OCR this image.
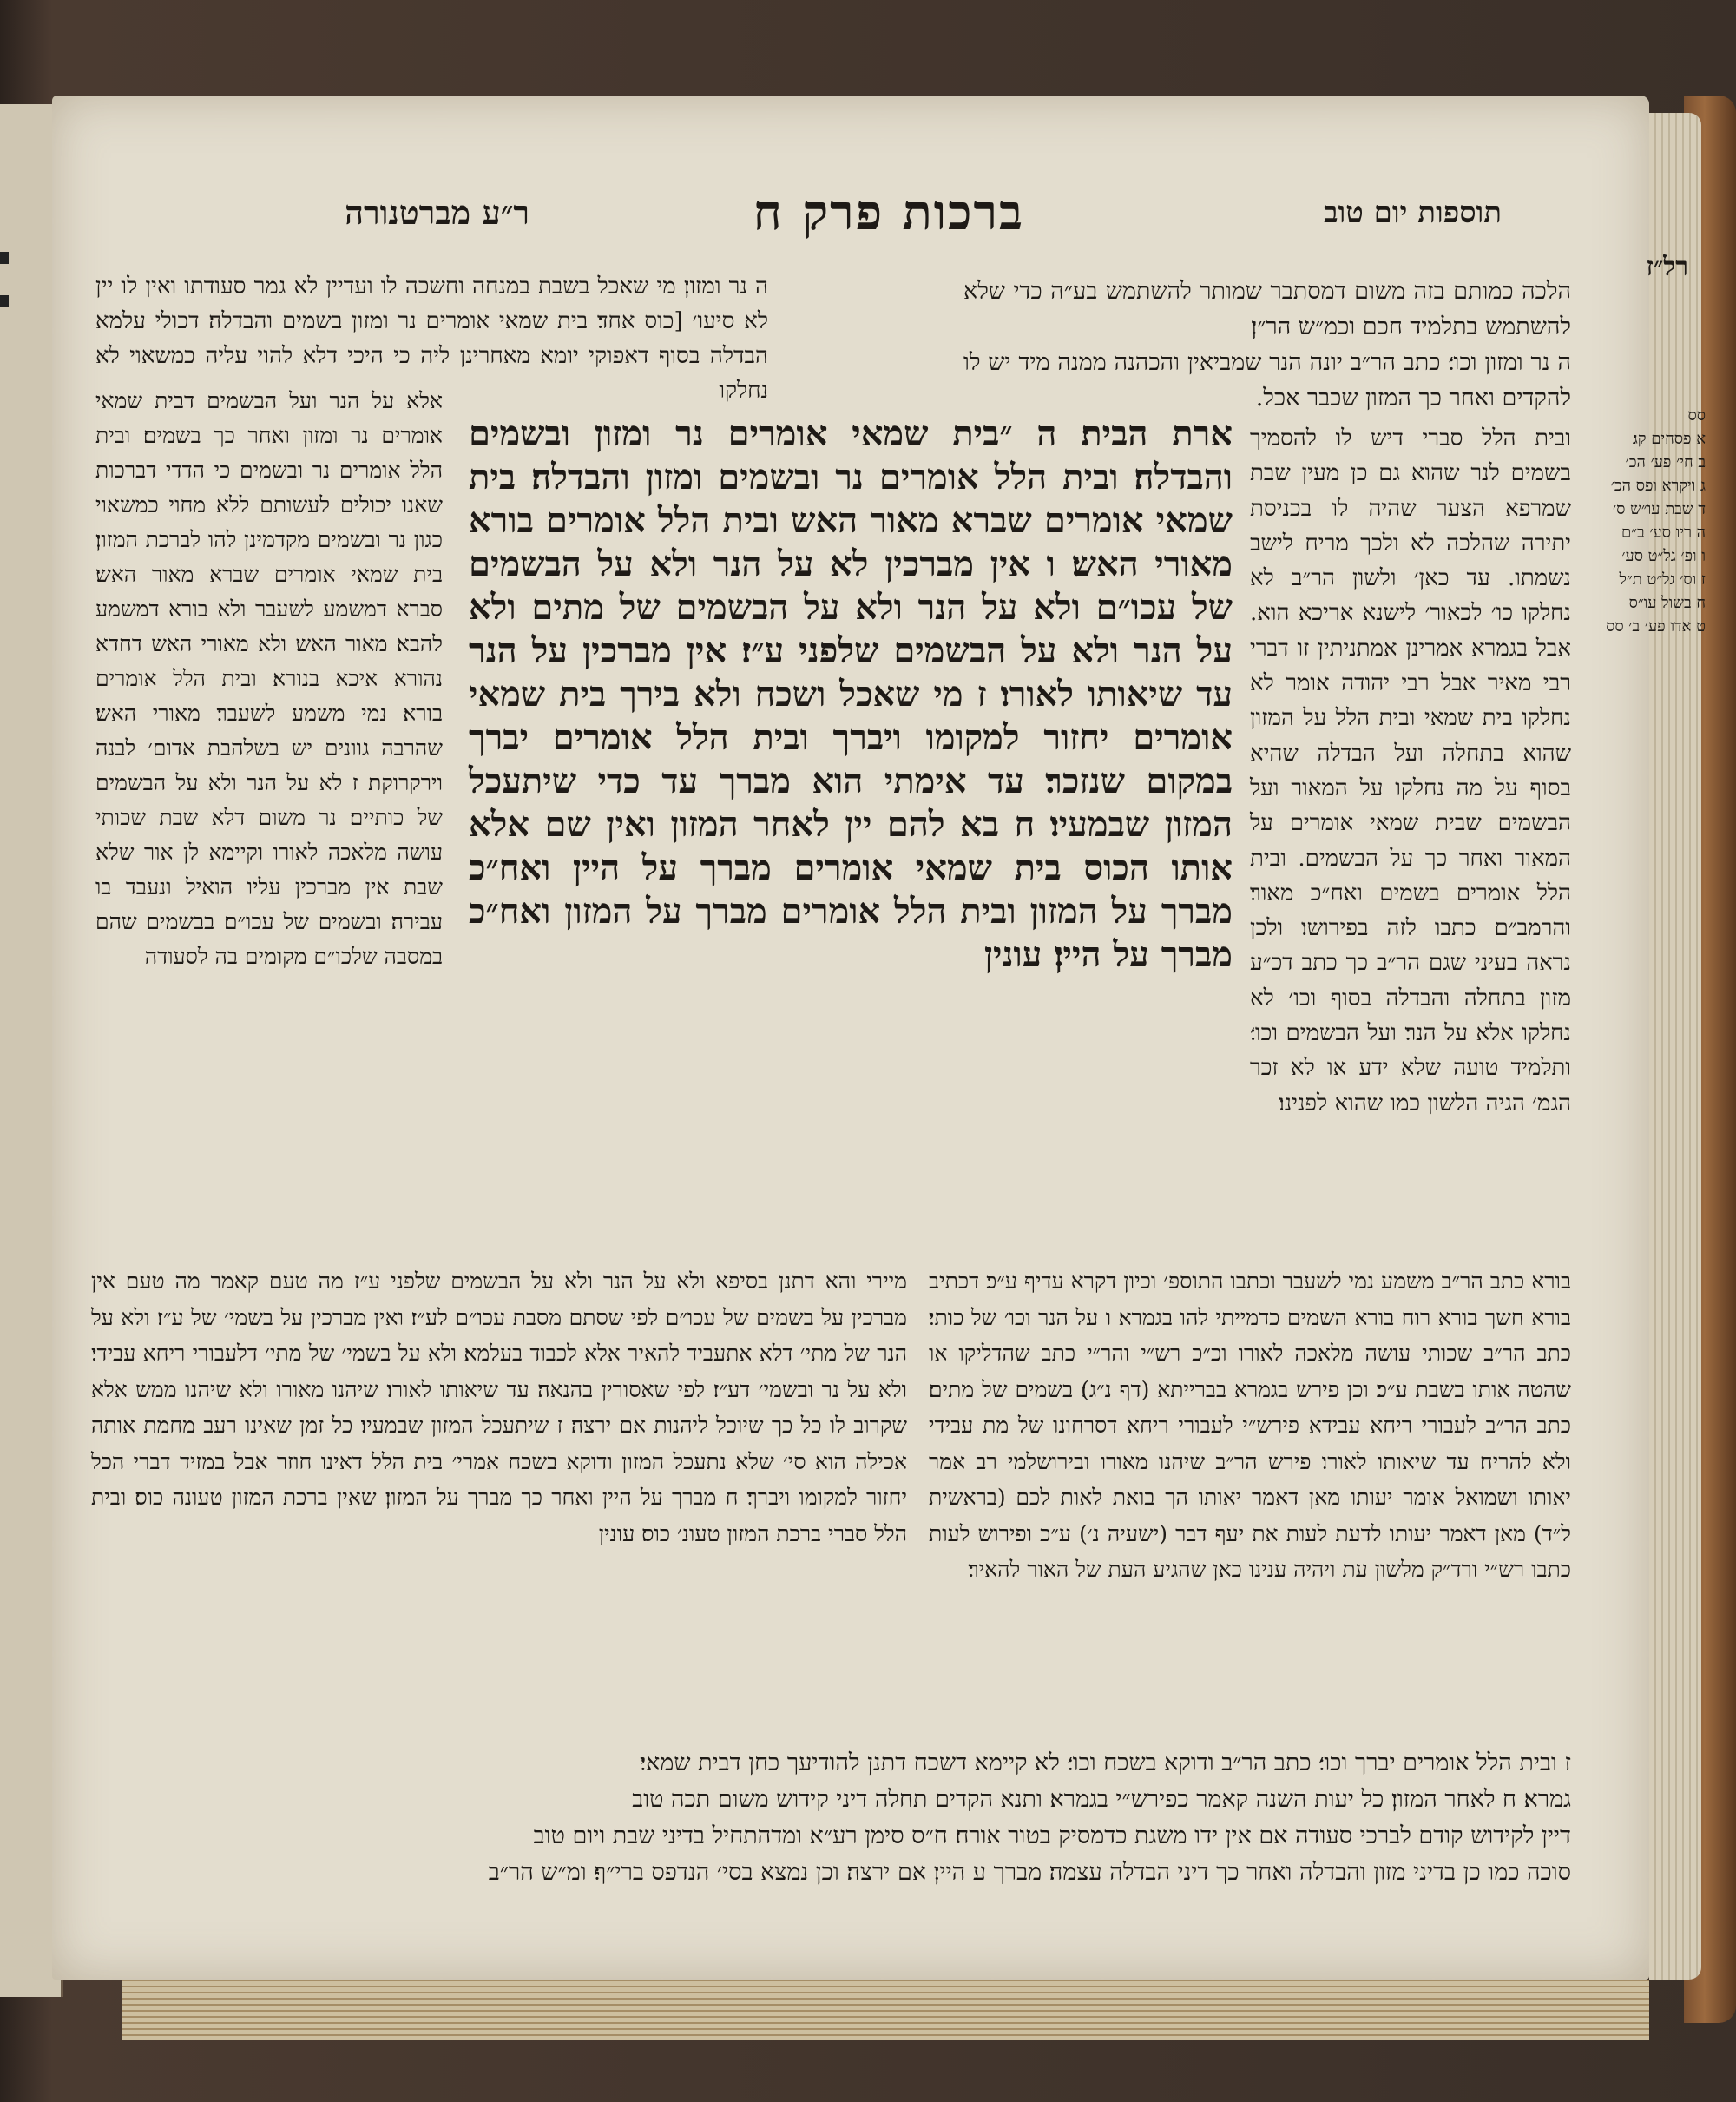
תוספות יום טוב
ברכות פרק ח
ר״ע מברטנורה
רל״ז
סס
א פסחים קג׃
ב חי׳ פע׳ הכ׳
ג ויקרא ופס הכ׳
ד שבת עו״ש ס׳
ה ריו סע׳ ב״ם
ו ופ׳ גל״ט סע׳
ז וס׳ גל״ט ת״ל
ח בשול עו״ס
ט אדו פע׳ ב׳ סס

הלכה כמותם בזה משום דמסתבר שמותר להשתמש בע״ה כדי שלא להשתמש בתלמיד חכם וכמ״ש הר״ן׃

ה נר ומזון וכו׳׃ כתב הר״ב יונה הנר שמביאין והכהנה ממנה מיד יש לו להקדים ואחר כך המזון שכבר אכל.

ובית הלל סברי דיש לו להסמיך בשמים לנר שהוא גם כן מעין שבת שמרפא הצער שהיה לו בכניסת יתירה שהלכה לא ולכך מריח לישב נשמתו. עד כאן׳ ולשון הר״ב לא נחלקו כו׳ לכאור׳ לישנא אריכא הוא. אבל בגמרא אמרינן אמתניתין זו דברי רבי מאיר אבל רבי יהודה אומר לא נחלקו בית שמאי ובית הלל על המזון שהוא בתחלה ועל הבדלה שהיא בסוף על מה נחלקו על המאור ועל הבשמים שבית שמאי אומרים על המאור ואחר כך על הבשמים. ובית הלל אומרים בשמים ואח״כ מאור׃ והרמב״ם כתבו לזה בפירושו׃ ולכן נראה בעיני שגם הר״ב כך כתב דכ״ע מזון בתחלה והבדלה בסוף וכו׳ לא נחלקו אלא על הנר׃ ועל הבשמים וכו׳׃ ותלמיד טועה שלא ידע או לא זכר הגמ׳ הגיה הלשון כמו שהוא לפנינו׃

ה נר ומזון׃ מי שאכל בשבת במנחה וחשכה לו ועדיין לא גמר סעודתו ואין לו יין לא סיעו׳ [כוס אחד׃ בית שמאי אומרים נר ומזון בשמים והבדלה׃ דכולי עלמא הבדלה בסוף דאפוקי יומא מאחרינן ליה כי היכי דלא להוי עליה כמשאוי לא נחלקו

אלא על הנר ועל הבשמים דבית שמאי אומרים נר ומזון ואחר כך בשמים׃ ובית הלל אומרים נר ובשמים כי הדדי דברכות שאנו יכולים לעשותם ללא מחוי כמשאוי כגון נר ובשמים מקדמינן להו לברכת המזון׃ בית שמאי אומרים שברא מאור האש׃ סברא דמשמע לשעבר ולא בורא דמשמע להבא׃ מאור האש׃ ולא מאורי האש דחדא נהורא איכא בנורא׃ ובית הלל אומרים בורא׃ נמי משמע לשעבר׃ מאורי האש׃ שהרבה גוונים יש בשלהבת אדום׳ לבנה וירקרוקת׃ ז לא על הנר ולא על הבשמים של כותיים׃ נר משום דלא שבת שכותי עושה מלאכה לאורו וקיימא לן אור שלא שבת אין מברכין עליו הואיל ונעבד בו עבירה׃ ובשמים של עכו״ם׃ בבשמים שהם במסבה שלכו״ם מקומים בה לסעודה

ארת הבית׃ ה ״בית שמאי אומרים נר ומזון ובשמים והבדלה׃ ובית הלל אומרים נר ובשמים ומזון והבדלה׃ בית שמאי אומרים שברא מאור האש ובית הלל אומרים בורא מאורי האש׃ ו אין מברכין לא על הנר ולא על הבשמים של עכו״ם ולא על הנר ולא על הבשמים של מתים ולא על הנר ולא על הבשמים שלפני ע״ז׃ אין מברכין על הנר עד שיאותו לאורו׃ ז מי שאכל ושכח ולא בירך בית שמאי אומרים יחזור למקומו ויברך ובית הלל אומרים יברך במקום שנזכר׃ עד אימתי הוא מברך עד כדי שיתעכל המזון שבמעיו׃ ח בא להם יין לאחר המזון ואין שם אלא אותו הכוס בית שמאי אומרים מברך על היין ואח״כ מברך על המזון ובית הלל אומרים מברך על המזון ואח״כ מברך על היין׃ עונין

בורא כתב הר״ב משמע נמי לשעבר וכתבו התוספ׳ וכיון דקרא עדיף ע״כ׃ דכתיב בורא חשך בורא רוח בורא השמים כדמייתי להו בגמרא׃ ו על הנר וכו׳ של כותי׃ כתב הר״ב שכותי עושה מלאכה לאורו וכ״כ רש״י והר״י כתב שהדליקו או שהטה אותו בשבת ע״כ׃ וכן פירש בגמרא בברייתא (דף נ״ג)׃ בשמים של מתים׃ כתב הר״ב לעבורי ריחא עבידא פירש״י לעבורי ריחא דסרחונו של מת עבידי ולא להריח׃ עד שיאותו לאורו׃ פירש הר״ב שיהנו מאורו ובירושלמי רב אמר יאותו ושמואל אומר יעותו מאן דאמר יאותו הך בואת לאות לכם (בראשית ל״ד) מאן דאמר יעותו לדעת לעות את יעף דבר (ישעיה נ׳) ע״כ ופירוש לעות כתבו רש״י ורד״ק מלשון עת ויהיה ענינו כאן שהגיע העת של האור להאיר׃

מיירי והא דתנן בסיפא ולא על הנר ולא על הבשמים שלפני ע״ז מה טעם קאמר מה טעם אין מברכין על בשמים של עכו״ם לפי שסתם מסבת עכו״ם לע״ז׃ ואין מברכין על בשמי׳ של ע״ז׃ ולא על הנר של מתי׳ דלא אתעביד להאיר אלא לכבוד בעלמא׃ ולא על בשמי׳ של מתי׳ דלעבורי ריחא עבידי׃ ולא על נר ובשמי׳ דע״ז׃ לפי שאסורין בהנאה׃ עד שיאותו לאורו׃ שיהנו מאורו ולא שיהנו ממש אלא שקרוב לו כל כך שיוכל ליהנות אם ירצה׃ ז שיתעכל המזון שבמעיו׃ כל זמן שאינו רעב מחמת אותה אכילה הוא סי׳ שלא נתעכל המזון ודוקא בשכח אמרי׳ בית הלל דאינו חוזר אבל במזיד דברי הכל יחזור למקומו ויברך׃ ח מברך על היין ואחר כך מברך על המזון׃ שאין ברכת המזון טעונה כוס׃ ובית הלל סברי ברכת המזון טעונ׳ כוס׃ עונין

ז ובית הלל אומרים יברך וכו׳׃ כתב הר״ב ודוקא בשכח וכו׳׃ לא קיימא דשכח דתנן להודיעך כחן דבית שמאי׃
גמרא׃ ח לאחר המזון׃ כל יעות השנה קאמר כפירש״י בגמרא׃ ותנא הקדים תחלה דיני קידוש משום תכה טוב
דיין לקידוש קודם לברכי סעודה אם אין ידו משגת כדמסיק בטור אורח׃ ח״ס סימן רע״א׃ ומדהתחיל בדיני שבת ויום טוב
סוכה כמו כן בדיני מזון והבדלה ואחר כך דיני הבדלה עצמה׃ מברך ע היין׃ אם ירצה׃ וכן נמצא בסי׳ הנדפס ברי״ף׃ ומ״ש הר״ב
